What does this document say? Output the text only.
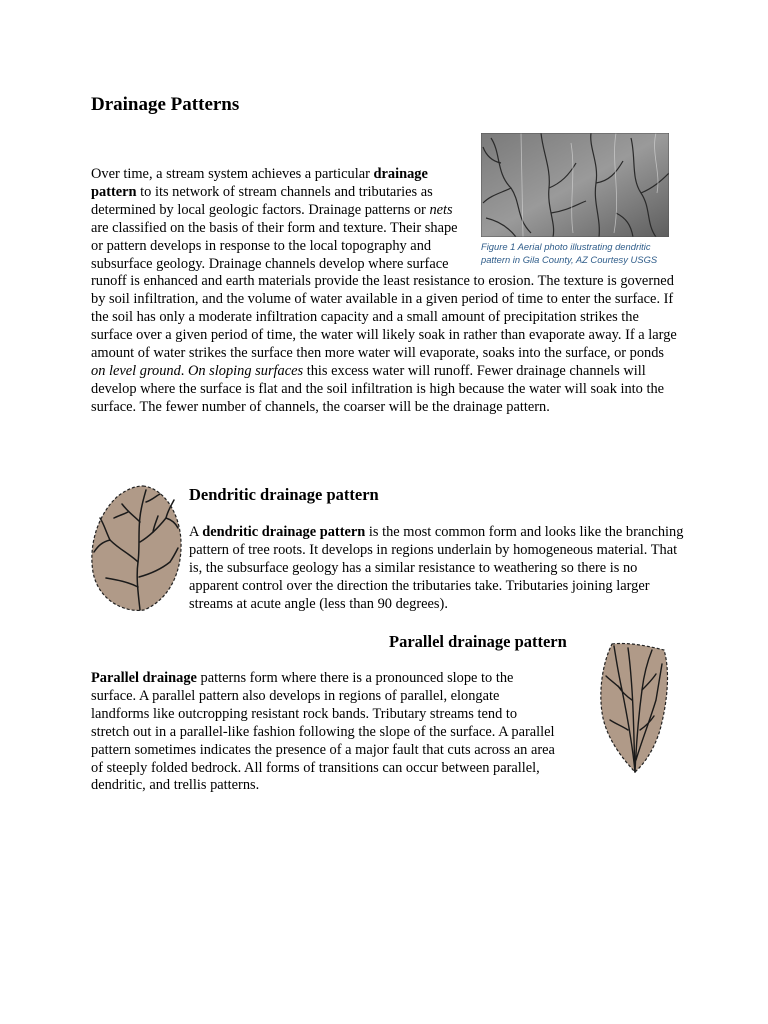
Drainage Patterns

Figure 1 Aerial photo illustrating dendritic pattern in Gila County, AZ Courtesy USGS
Over time, a stream system achieves a particular drainage pattern to its network of stream channels and tributaries as determined by local geologic factors. Drainage patterns or nets are classified on the basis of their form and texture. Their shape or pattern develops in response to the local topography and subsurface geology. Drainage channels develop where surface runoff is enhanced and earth materials provide the least resistance to erosion. The texture is governed by soil infiltration, and the volume of water available in a given period of time to enter the surface. If the soil has only a moderate infiltration capacity and a small amount of precipitation strikes the surface over a given period of time, the water will likely soak in rather than evaporate away. If a large amount of water strikes the surface then more water will evaporate, soaks into the surface, or ponds on level ground. On sloping surfaces this excess water will runoff. Fewer drainage channels will develop where the surface is flat and the soil infiltration is high because the water will soak into the surface. The fewer number of channels, the coarser will be the drainage pattern.

Dendritic drainage pattern

A dendritic drainage pattern is the most common form and looks like the branching pattern of tree roots. It develops in regions underlain by homogeneous material. That is, the subsurface geology has a similar resistance to weathering so there is no apparent control over the direction the tributaries take. Tributaries joining larger streams at acute angle (less than 90 degrees).

Parallel drainage pattern

Parallel drainage patterns form where there is a pronounced slope to the surface. A parallel pattern also develops in regions of parallel, elongate landforms like outcropping resistant rock bands. Tributary streams tend to stretch out in a parallel-like fashion following the slope of the surface. A parallel pattern sometimes indicates the presence of a major fault that cuts across an area of steeply folded bedrock. All forms of transitions can occur between parallel, dendritic, and trellis patterns.
